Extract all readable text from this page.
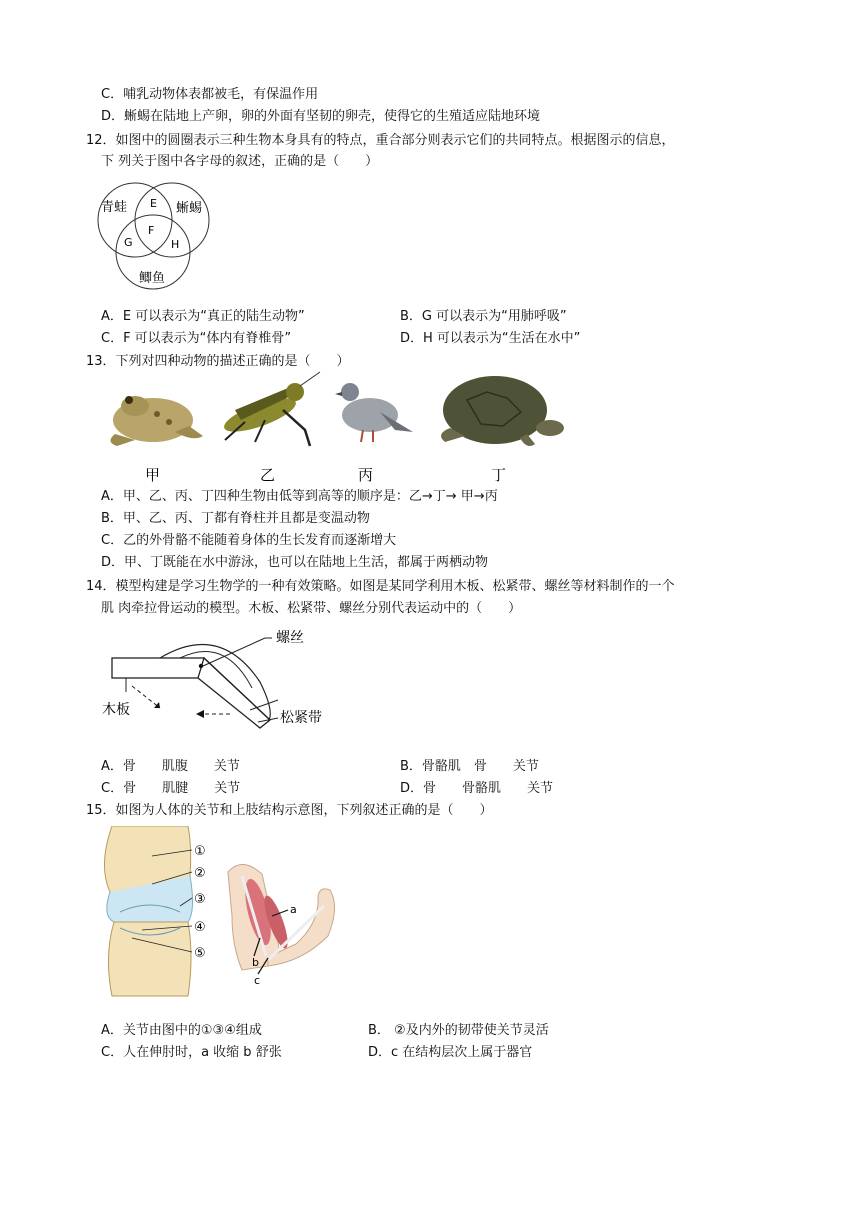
C．哺乳动物体表都被毛，有保温作用
D．蜥蜴在陆地上产卵，卵的外面有坚韧的卵壳，使得它的生殖适应陆地环境
12．如图中的圆圈表示三种生物本身具有的特点，重合部分则表示它们的共同特点。根据图示的信息，
下 列关于图中各字母的叙述，正确的是（　　）
青蛙	蜥蜴
鲫鱼
E
F
G	H
A．E 可以表示为“真正的陆生动物”	B．G 可以表示为“用肺呼吸”
C．F 可以表示为“体内有脊椎骨”	D．H 可以表示为“生活在水中”
13．下列对四种动物的描述正确的是（　　）
甲	乙	丙	丁
A．甲、乙、丙、丁四种生物由低等到高等的顺序是：乙→丁→ 甲→丙
B．甲、乙、丙、丁都有脊柱并且都是变温动物
C．乙的外骨骼不能随着身体的生长发育而逐渐增大
D．甲、丁既能在水中游泳，也可以在陆地上生活，都属于两栖动物
14．模型构建是学习生物学的一种有效策略。如图是某同学利用木板、松紧带、螺丝等材料制作的一个
肌 肉牵拉骨运动的模型。木板、松紧带、螺丝分别代表运动中的（　　）
螺丝
木板	松紧带
A．骨　　肌腹　　关节	B．骨骼肌　骨　　关节
C．骨　　肌腱　　关节	D．骨　　骨骼肌　　关节
15．如图为人体的关节和上肢结构示意图，下列叙述正确的是（　　）
①
②
③
④
⑤
a
b
c
A．关节由图中的①③④组成	B． ②及内外的韧带使关节灵活
C．人在伸肘时，a 收缩 b 舒张	D．c 在结构层次上属于器官
